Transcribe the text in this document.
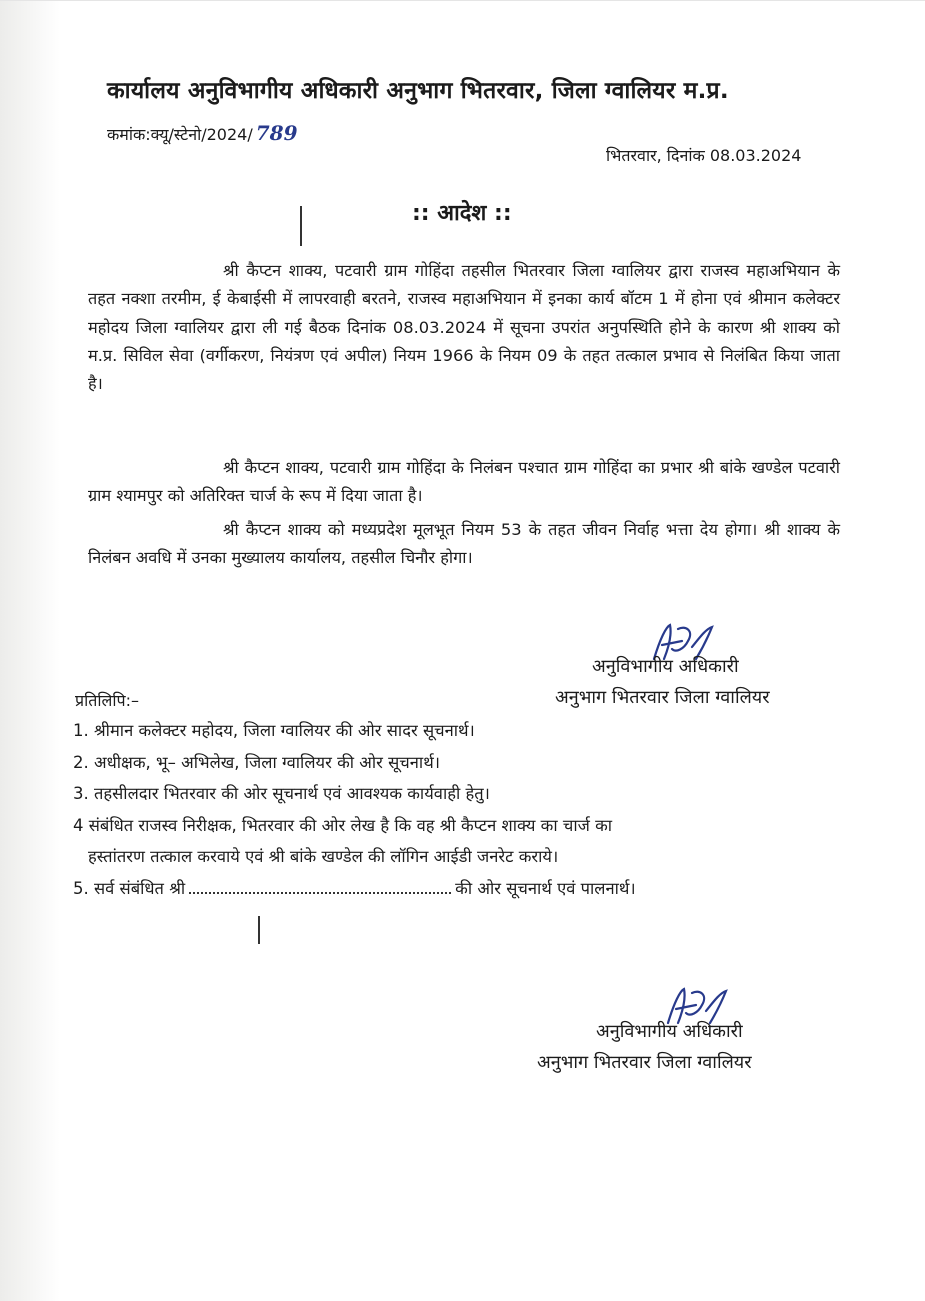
कार्यालय अनुविभागीय अधिकारी अनुभाग भितरवार, जिला ग्वालियर म.प्र.
कमांक:क्यू/स्टेनो/2024/ 789
भितरवार, दिनांक 08.03.2024
:: आदेश ::
श्री कैप्टन शाक्य, पटवारी ग्राम गोहिंदा तहसील भितरवार जिला ग्वालियर द्वारा राजस्व महाअभियान के तहत नक्शा तरमीम, ई केबाईसी में लापरवाही बरतने, राजस्व महाअभियान में इनका कार्य बॉटम 1 में होना एवं श्रीमान कलेक्टर महोदय जिला ग्वालियर द्वारा ली गई बैठक दिनांक 08.03.2024 में सूचना उपरांत अनुपस्थिति होने के कारण श्री शाक्य को म.प्र. सिविल सेवा (वर्गीकरण, नियंत्रण एवं अपील) नियम 1966 के नियम 09 के तहत तत्काल प्रभाव से निलंबित किया जाता है।
श्री कैप्टन शाक्य, पटवारी ग्राम गोहिंदा के निलंबन पश्चात ग्राम गोहिंदा का प्रभार श्री बांके खण्डेल पटवारी ग्राम श्यामपुर को अतिरिक्त चार्ज के रूप में दिया जाता है।
श्री कैप्टन शाक्य को मध्यप्रदेश मूलभूत नियम 53 के तहत जीवन निर्वाह भत्ता देय होगा। श्री शाक्य के निलंबन अवधि में उनका मुख्यालय कार्यालय, तहसील चिनौर होगा।
अनुविभागीय अधिकारी
अनुभाग भितरवार जिला ग्वालियर
प्रतिलिपि:–
1. श्रीमान कलेक्टर महोदय, जिला ग्वालियर की ओर सादर सूचनार्थ।
2. अधीक्षक, भू– अभिलेख, जिला ग्वालियर की ओर सूचनार्थ।
3. तहसीलदार भितरवार की ओर सूचनार्थ एवं आवश्यक कार्यवाही हेतु।
4 संबंधित राजस्व निरीक्षक, भितरवार की ओर लेख है कि वह श्री कैप्टन शाक्य का चार्ज का
हस्तांतरण तत्काल करवाये एवं श्री बांके खण्डेल की लॉगिन आईडी जनरेट कराये।
5. सर्व संबंधित श्री	की ओर सूचनार्थ एवं पालनार्थ।
अनुविभागीय अधिकारी
अनुभाग भितरवार जिला ग्वालियर
